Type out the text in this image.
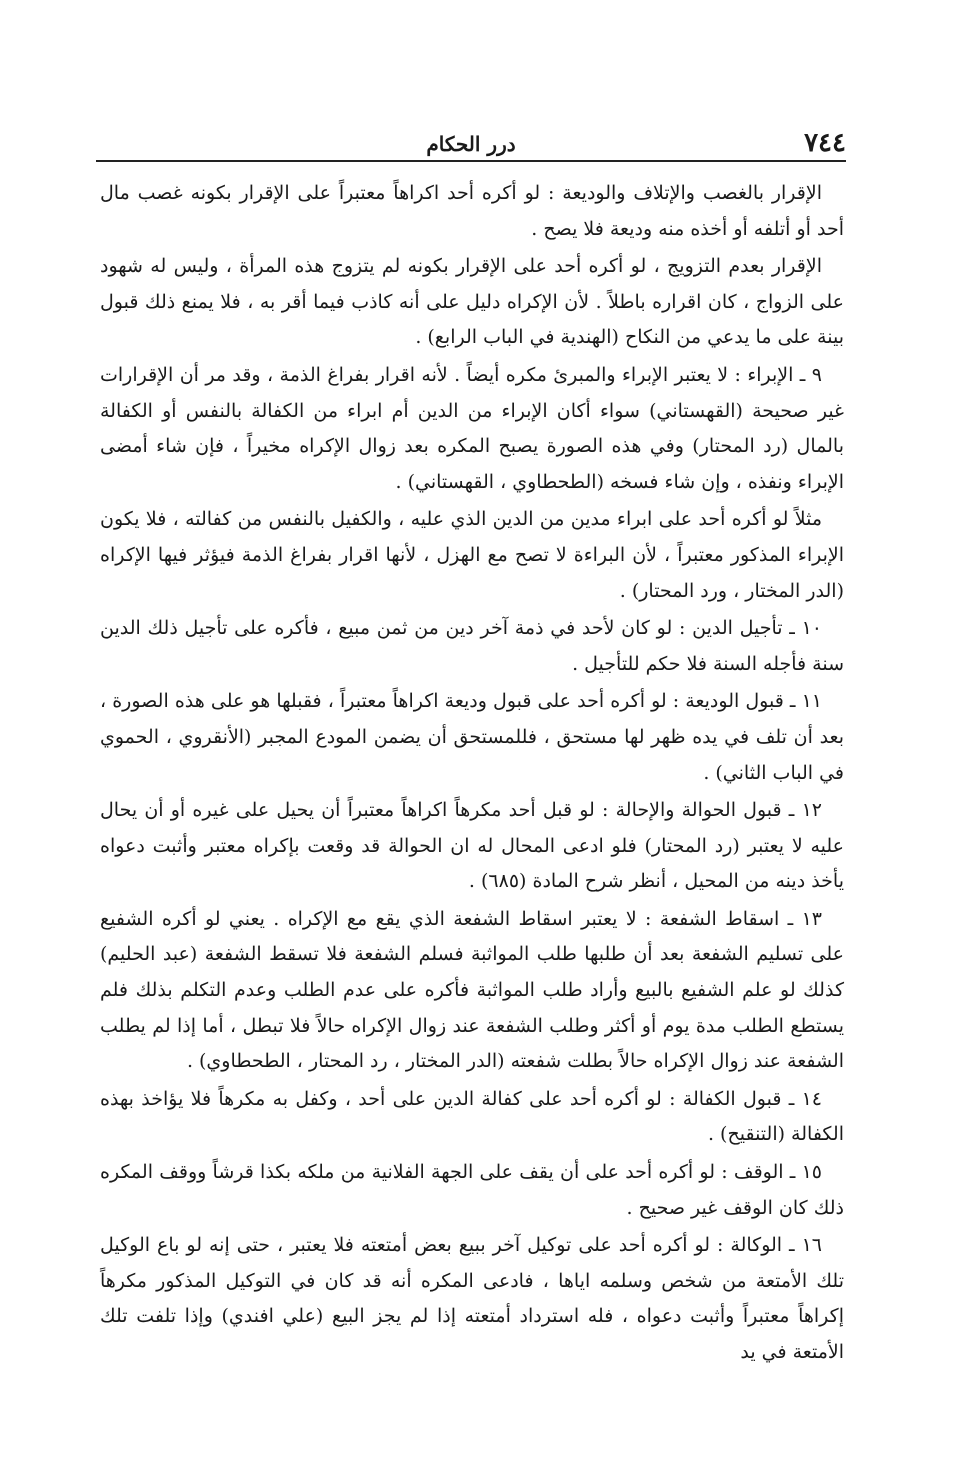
٧٤٤
درر الحكام

الإقرار بالغصب والإتلاف والوديعة : لو أكره أحد اكراهاً معتبراً على الإقرار بكونه غصب مال أحد أو أتلفه أو أخذه منه وديعة فلا يصح .

الإقرار بعدم التزويج ، لو أكره أحد على الإقرار بكونه لم يتزوج هذه المرأة ، وليس له شهود على الزواج ، كان اقراره باطلاً . لأن الإكراه دليل على أنه كاذب فيما أقر به ، فلا يمنع ذلك قبول بينة على ما يدعي من النكاح (الهندية في الباب الرابع) .

٩ ـ الإبراء : لا يعتبر الإبراء والمبرئ مكره أيضاً . لأنه اقرار بفراغ الذمة ، وقد مر أن الإقرارات غير صحيحة (القهستاني) سواء أكان الإبراء من الدين أم ابراء من الكفالة بالنفس أو الكفالة بالمال (رد المحتار) وفي هذه الصورة يصبح المكره بعد زوال الإكراه مخيراً ، فإن شاء أمضى الإبراء ونفذه ، وإن شاء فسخه (الطحطاوي ، القهستاني) .

مثلاً لو أكره أحد على ابراء مدين من الدين الذي عليه ، والكفيل بالنفس من كفالته ، فلا يكون الإبراء المذكور معتبراً ، لأن البراءة لا تصح مع الهزل ، لأنها اقرار بفراغ الذمة فيؤثر فيها الإكراه (الدر المختار ، ورد المحتار) .

١٠ ـ تأجيل الدين : لو كان لأحد في ذمة آخر دين من ثمن مبيع ، فأكره على تأجيل ذلك الدين سنة فأجله السنة فلا حكم للتأجيل .

١١ ـ قبول الوديعة : لو أكره أحد على قبول وديعة اكراهاً معتبراً ، فقبلها هو على هذه الصورة ، بعد أن تلف في يده ظهر لها مستحق ، فللمستحق أن يضمن المودع المجبر (الأنقروي ، الحموي في الباب الثاني) .

١٢ ـ قبول الحوالة والإحالة : لو قبل أحد مكرهاً اكراهاً معتبراً أن يحيل على غيره أو أن يحال عليه لا يعتبر (رد المحتار) فلو ادعى المحال له ان الحوالة قد وقعت بإكراه معتبر وأثبت دعواه يأخذ دينه من المحيل ، أنظر شرح المادة (٦٨٥) .

١٣ ـ اسقاط الشفعة : لا يعتبر اسقاط الشفعة الذي يقع مع الإكراه . يعني لو أكره الشفيع على تسليم الشفعة بعد أن طلبها طلب المواثبة فسلم الشفعة فلا تسقط الشفعة (عبد الحليم) كذلك لو علم الشفيع بالبيع وأراد طلب المواثبة فأكره على عدم الطلب وعدم التكلم بذلك فلم يستطع الطلب مدة يوم أو أكثر وطلب الشفعة عند زوال الإكراه حالاً فلا تبطل ، أما إذا لم يطلب الشفعة عند زوال الإكراه حالاً بطلت شفعته (الدر المختار ، رد المحتار ، الطحطاوي) .

١٤ ـ قبول الكفالة : لو أكره أحد على كفالة الدين على أحد ، وكفل به مكرهاً فلا يؤاخذ بهذه الكفالة (التنقيح) .

١٥ ـ الوقف : لو أكره أحد على أن يقف على الجهة الفلانية من ملكه بكذا قرشاً ووقف المكره ذلك كان الوقف غير صحيح .

١٦ ـ الوكالة : لو أكره أحد على توكيل آخر ببيع بعض أمتعته فلا يعتبر ، حتى إنه لو باع الوكيل تلك الأمتعة من شخص وسلمه اياها ، فادعى المكره أنه قد كان في التوكيل المذكور مكرهاً إكراهاً معتبراً وأثبت دعواه ، فله استرداد أمتعته إذا لم يجز البيع (علي افندي) وإذا تلفت تلك الأمتعة في يد
